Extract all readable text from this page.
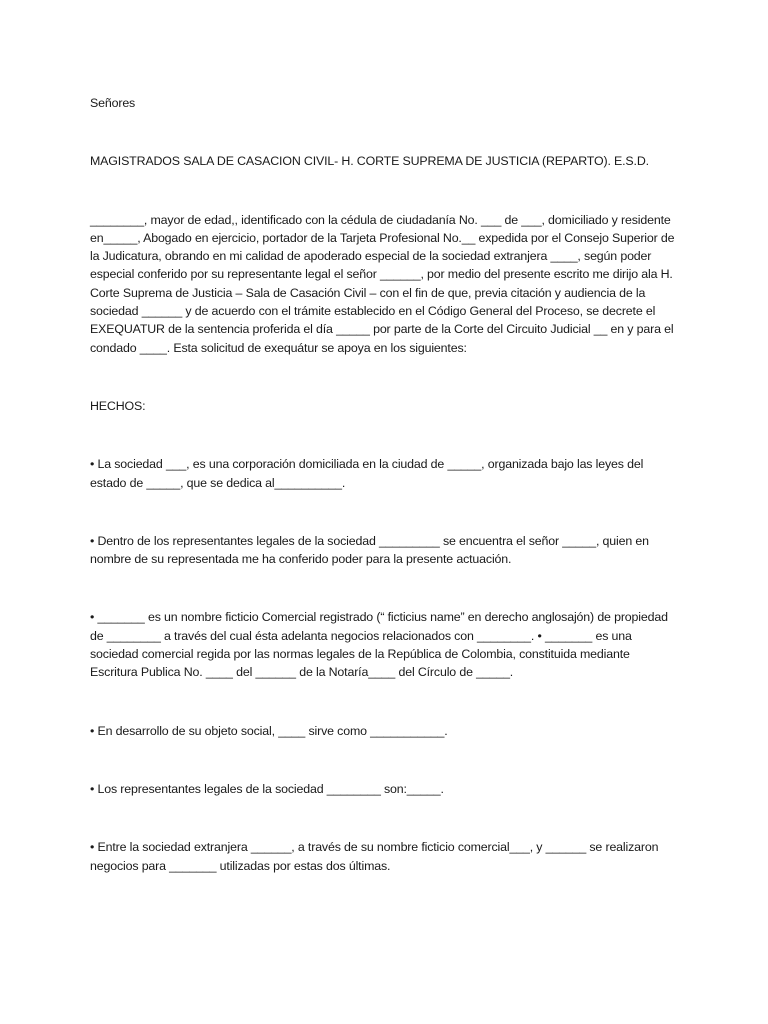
Señores

MAGISTRADOS SALA DE CASACION CIVIL- H. CORTE SUPREMA DE JUSTICIA (REPARTO). E.S.D.

________, mayor de edad,, identificado con la cédula de ciudadanía No. ___ de ___, domiciliado y residente en_____, Abogado en ejercicio, portador de la Tarjeta Profesional No.__ expedida por el Consejo Superior de la Judicatura, obrando en mi calidad de apoderado especial de la sociedad extranjera ____, según poder especial conferido por su representante legal el señor ______, por medio del presente escrito me dirijo ala H. Corte Suprema de Justicia – Sala de Casación Civil – con el fin de que, previa citación y audiencia de la sociedad ______ y de acuerdo con el trámite establecido en el Código General del Proceso, se decrete el EXEQUATUR de la sentencia proferida el día _____ por parte de la Corte del Circuito Judicial __ en y para el condado ____. Esta solicitud de exequátur se apoya en los siguientes:

HECHOS:

• La sociedad ___, es una corporación domiciliada en la ciudad de _____, organizada bajo las leyes del estado de _____, que se dedica al__________.

• Dentro de los representantes legales de la sociedad _________ se encuentra el señor _____, quien en nombre de su representada me ha conferido poder para la presente actuación.

• _______ es un nombre ficticio Comercial registrado (“ ficticius name” en derecho anglosajón) de propiedad de ________ a través del cual ésta adelanta negocios relacionados con ________. • _______ es una sociedad comercial regida por las normas legales de la República de Colombia, constituida mediante Escritura Publica No. ____ del ______ de la Notaría____ del Círculo de _____.

• En desarrollo de su objeto social, ____ sirve como ___________.

• Los representantes legales de la sociedad ________ son:_____.

• Entre la sociedad extranjera ______, a través de su nombre ficticio comercial___, y ______ se realizaron negocios para _______ utilizadas por estas dos últimas.
